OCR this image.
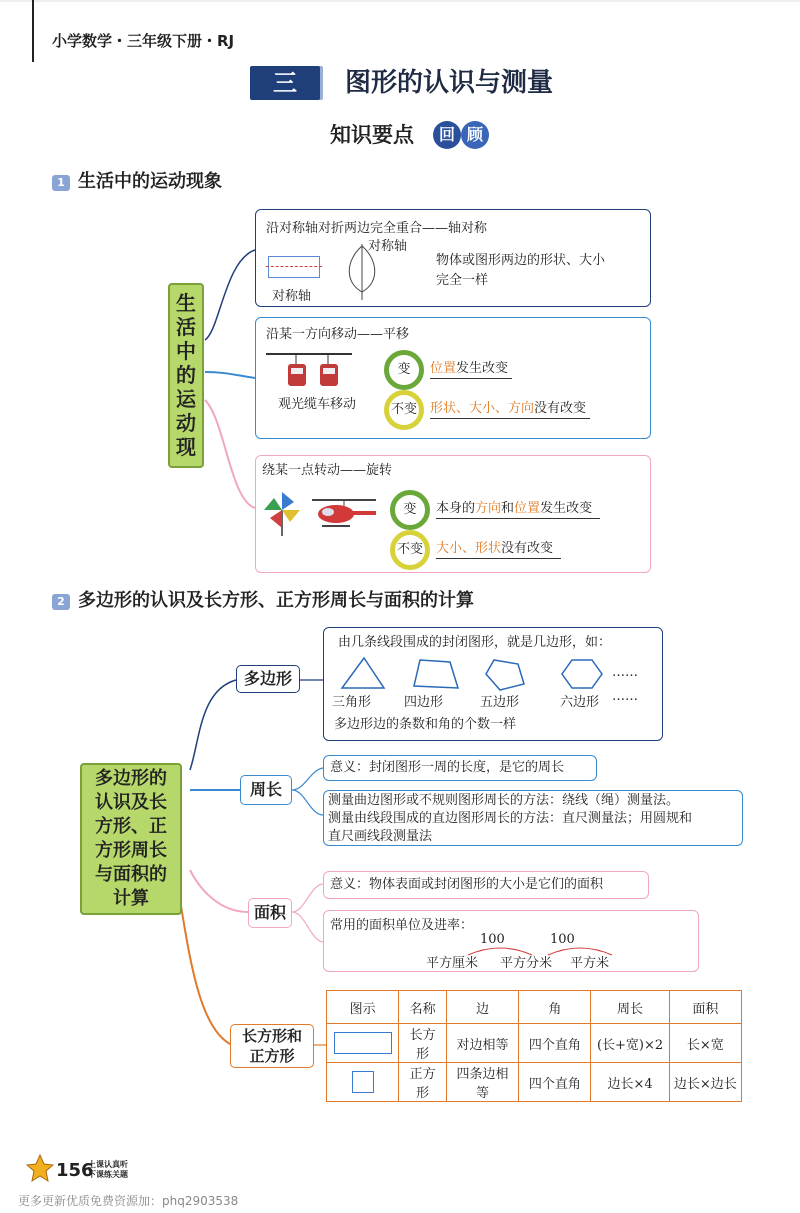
小学数学・三年级下册・RJ
三	图形的认识与测量
知识要点	回 顾
1 生活中的运动现象
生
活
中
的
运
动
现
沿对称轴对折两边完全重合——轴对称
对称轴
对称轴
物体或图形两边的形状、大小
完全一样
沿某一方向移动——平移
观光缆车移动
变
不变
位置发生改变
形状、大小、方向没有改变
绕某一点转动——旋转
变
不变
本身的方向和位置发生改变
大小、形状没有改变
2 多边形的认识及长方形、正方形周长与面积的计算
多边形的
认识及长
方形、正
方形周长
与面积的
计算
多边形
由几条线段围成的封闭图形，就是几边形，如：
……
……
三角形	四边形	五边形	六边形
多边形边的条数和角的个数一样
周长
意义：封闭图形一周的长度，是它的周长
测量曲边图形或不规则图形周长的方法：绕线（绳）测量法。
测量由线段围成的直边图形周长的方法：直尺测量法；用圆规和
直尺画线段测量法
面积
意义：物体表面或封闭图形的大小是它们的面积
常用的面积单位及进率：
100	100
平方厘米 平方分米 平方米
长方形和
正方形
图示	名称	边	角	周长	面积

	长方形	对边相等	四个直角	(长+宽)×2	长×宽

	正方形	四条边相等	四个直角	边长×4	边长×边长
156
上课认真听
下课练关题
更多更新优质免费资源加：phq2903538
